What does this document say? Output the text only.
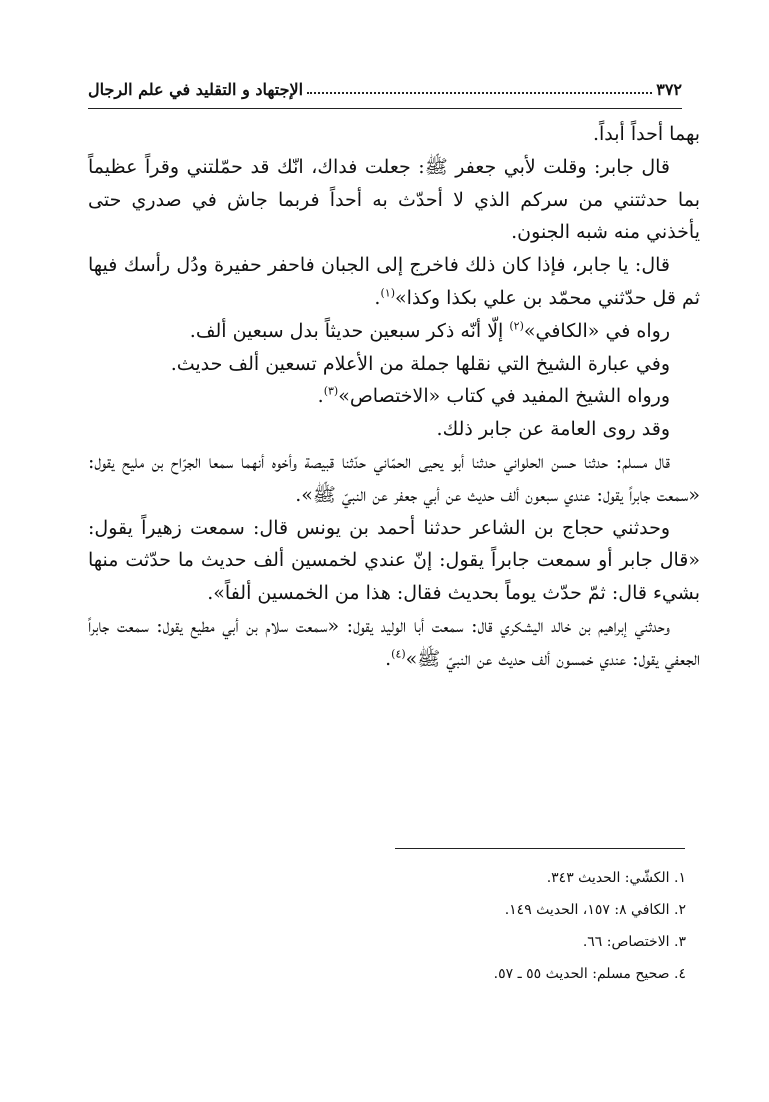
٣٧٢
الإجتهاد و التقليد في علم الرجال

بهما أحداً أبداً.

قال جابر: وقلت لأبي جعفر ﷺ: جعلت فداك، انّك قد حمّلتني وقراً عظيماً بما حدثتني من سركم الذي لا أحدّث به أحداً فربما جاش في صدري حتى يأخذني منه شبه الجنون.

قال: يا جابر، فإذا كان ذلك فاخرج إلى الجبان فاحفر حفيرة ودُل رأسك فيها ثم قل حدّثني محمّد بن علي بكذا وكذا»$^{(١)}$.

رواه في «الكافي»$^{(٢)}$ إلّا أنّه ذكر سبعين حديثاً بدل سبعين ألف.

وفي عبارة الشيخ التي نقلها جملة من الأعلام تسعين ألف حديث.

ورواه الشيخ المفيد في كتاب «الاختصاص»$^{(٣)}$.

وقد روى العامة عن جابر ذلك.

قال مسلم: حدثنا حسن الحلواني حدثنا أبو يحيى الحمّاني حدّثنا قبيصة وأخوه أنهما سمعا الجرّاح بن مليح يقول: «سمعت جابراً يقول: عندي سبعون ألف حديث عن أبي جعفر عن النبيّ ﷺ».

وحدثني حجاج بن الشاعر حدثنا أحمد بن يونس قال: سمعت زهيراً يقول: «قال جابر أو سمعت جابراً يقول: إنّ عندي لخمسين ألف حديث ما حدّثت منها بشيء قال: ثمّ حدّث يوماً بحديث فقال: هذا من الخمسين ألفاً».

وحدثني إبراهيم بن خالد اليشكري قال: سمعت أبا الوليد يقول: «سمعت سلام بن أبي مطيع يقول: سمعت جابراً الجعفي يقول: عندي خمسون ألف حديث عن النبيّ ﷺ»$^{(٤)}$.

١. الكشّي: الحديث ٣٤٣.
٢. الكافي ٨: ١٥٧، الحديث ١٤٩.
٣. الاختصاص: ٦٦.
٤. صحيح مسلم: الحديث ٥٥ ـ ٥٧.
